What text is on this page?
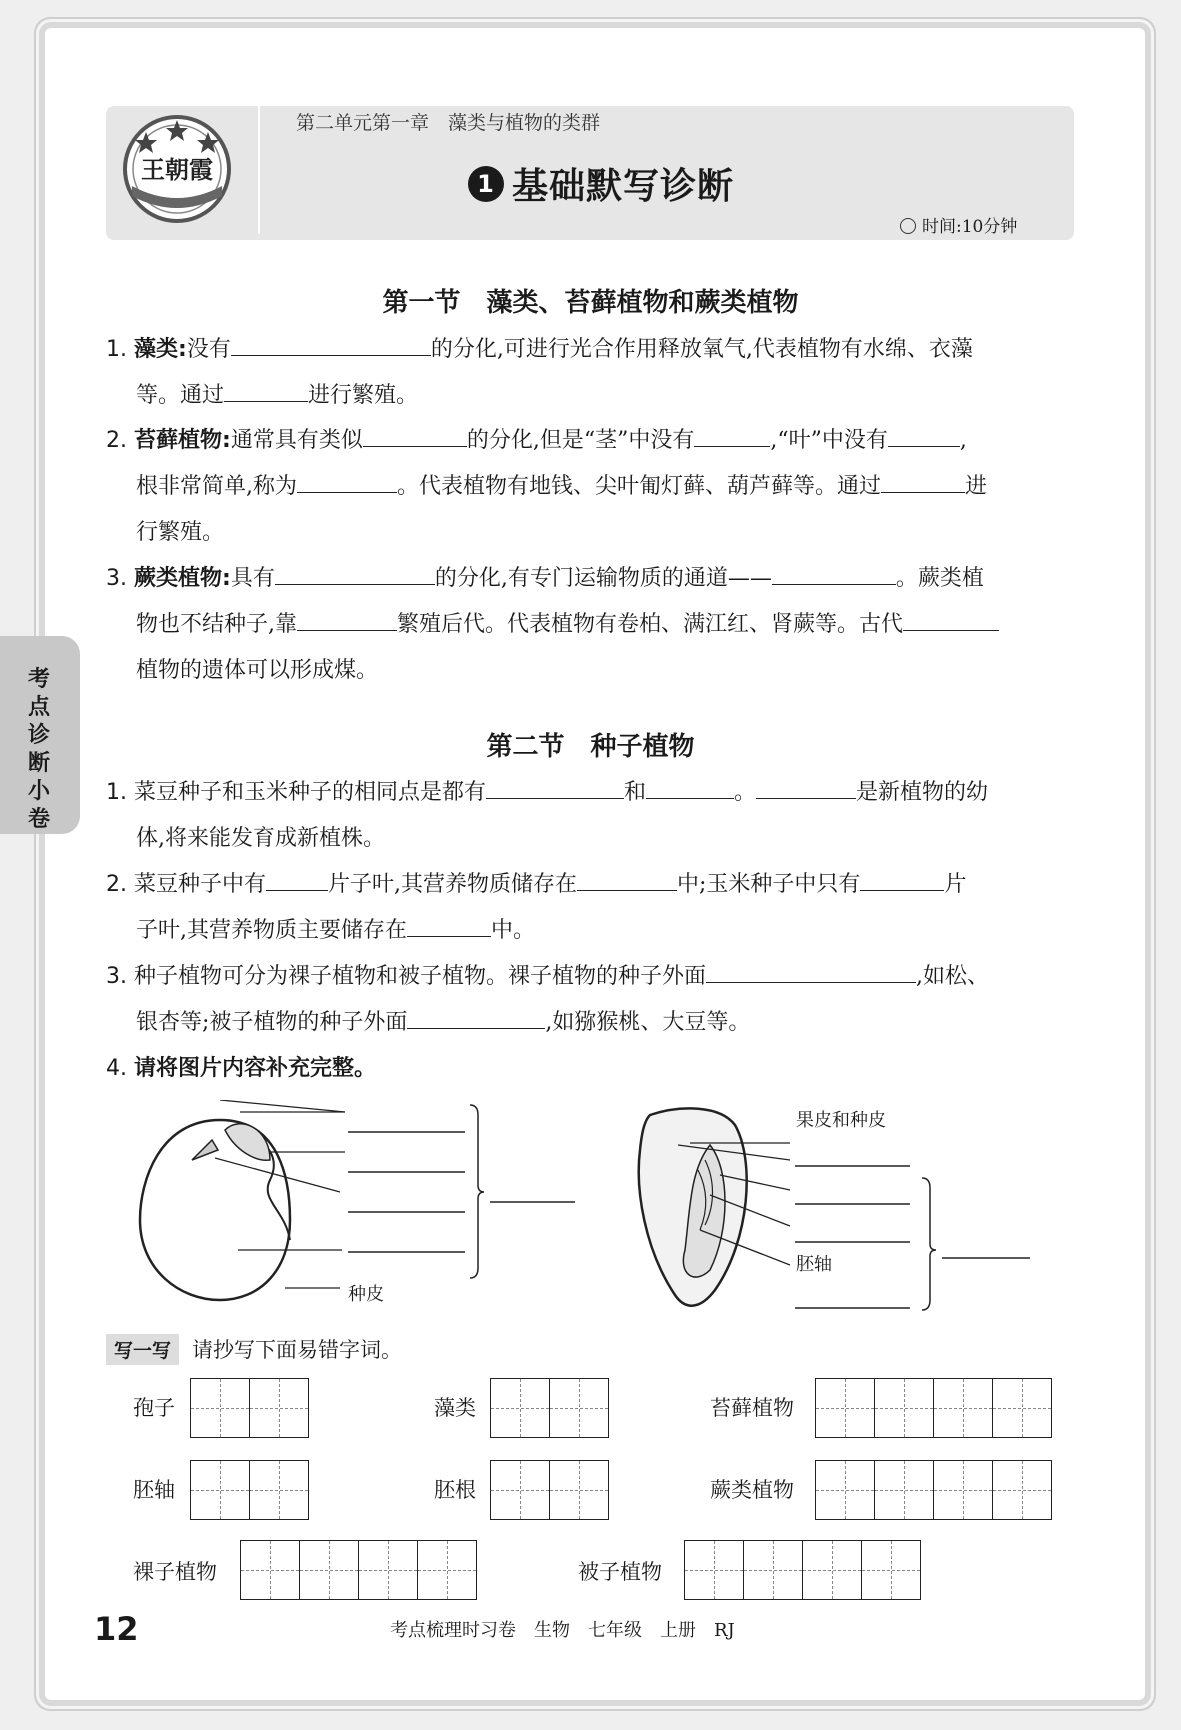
王朝霞
第二单元第一章　藻类与植物的类群
1 基础默写诊断
时间:10分钟
考点诊断小卷
第一节　藻类、苔藓植物和蕨类植物
1. 藻类:没有	的分化,可进行光合作用释放氧气,代表植物有水绵、衣藻
等。通过	进行繁殖。
2. 苔藓植物:通常具有类似	的分化,但是“茎”中没有	,“叶”中没有	,
根非常简单,称为	。代表植物有地钱、尖叶匍灯藓、葫芦藓等。通过	进
行繁殖。
3. 蕨类植物:具有	的分化,有专门运输物质的通道——	。蕨类植
物也不结种子,靠	繁殖后代。代表植物有卷柏、满江红、肾蕨等。古代
植物的遗体可以形成煤。
第二节　种子植物
1. 菜豆种子和玉米种子的相同点是都有	和	。	是新植物的幼
体,将来能发育成新植株。
2. 菜豆种子中有	片子叶,其营养物质储存在	中;玉米种子中只有	片
子叶,其营养物质主要储存在	中。
3. 种子植物可分为裸子植物和被子植物。裸子植物的种子外面	,如松、
银杏等;被子植物的种子外面	,如猕猴桃、大豆等。
4. 请将图片内容补充完整。
种皮
果皮和种皮
胚轴
写一写 请抄写下面易错字词。
孢子	藻类	苔藓植物
胚轴	胚根	蕨类植物
裸子植物	被子植物
12	考点梳理时习卷　生物　七年级　上册　RJ
